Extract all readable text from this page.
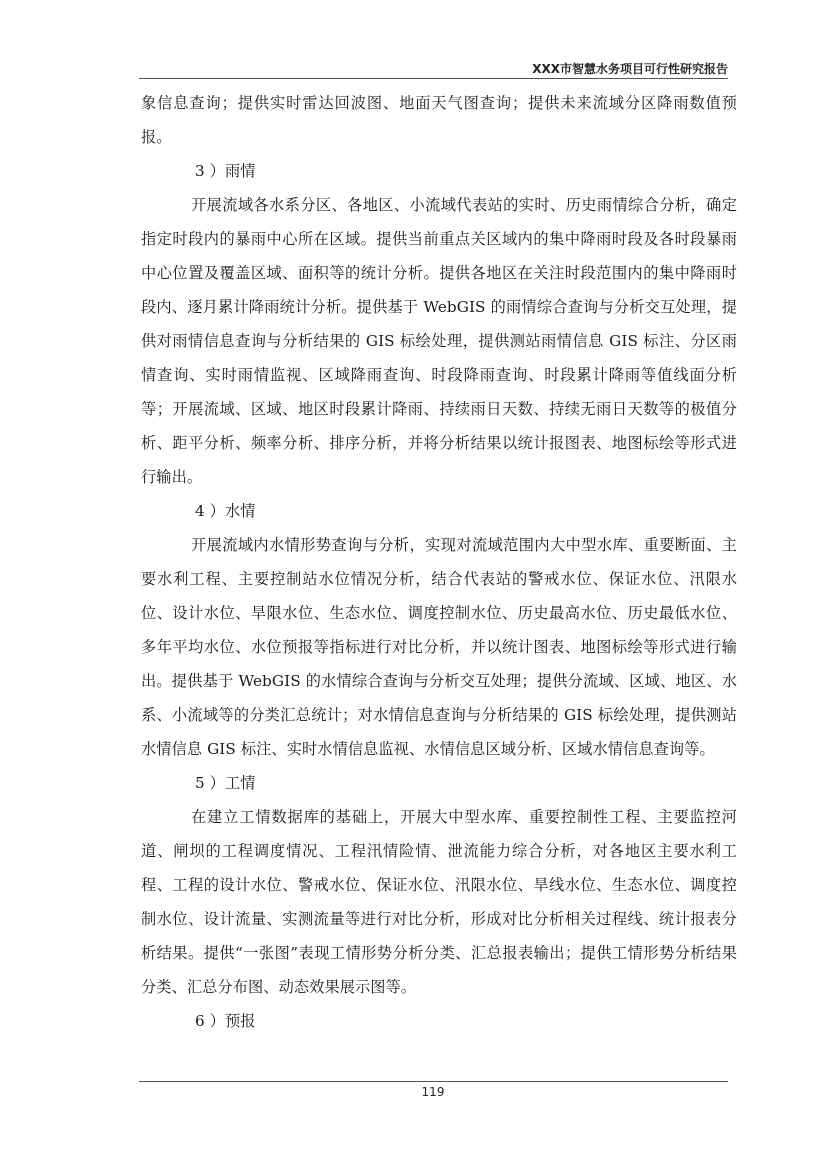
XXX市智慧水务项目可行性研究报告

象信息查询；提供实时雷达回波图、地面天气图查询；提供未来流域分区降雨数值预报。

3 ）雨情

开展流域各水系分区、各地区、小流域代表站的实时、历史雨情综合分析，确定指定时段内的暴雨中心所在区域。提供当前重点关区域内的集中降雨时段及各时段暴雨中心位置及覆盖区域、面积等的统计分析。提供各地区在关注时段范围内的集中降雨时段内、逐月累计降雨统计分析。提供基于 WebGIS 的雨情综合查询与分析交互处理，提供对雨情信息查询与分析结果的 GIS 标绘处理，提供测站雨情信息 GIS 标注、分区雨情查询、实时雨情监视、区域降雨查询、时段降雨查询、时段累计降雨等值线面分析等；开展流域、区域、地区时段累计降雨、持续雨日天数、持续无雨日天数等的极值分析、距平分析、频率分析、排序分析，并将分析结果以统计报图表、地图标绘等形式进行输出。

4 ）水情

开展流域内水情形势查询与分析，实现对流域范围内大中型水库、重要断面、主要水利工程、主要控制站水位情况分析，结合代表站的警戒水位、保证水位、汛限水位、设计水位、旱限水位、生态水位、调度控制水位、历史最高水位、历史最低水位、多年平均水位、水位预报等指标进行对比分析，并以统计图表、地图标绘等形式进行输出。提供基于 WebGIS 的水情综合查询与分析交互处理；提供分流域、区域、地区、水系、小流域等的分类汇总统计；对水情信息查询与分析结果的 GIS 标绘处理，提供测站水情信息 GIS 标注、实时水情信息监视、水情信息区域分析、区域水情信息查询等。

5 ）工情

在建立工情数据库的基础上，开展大中型水库、重要控制性工程、主要监控河道、闸坝的工程调度情况、工程汛情险情、泄流能力综合分析，对各地区主要水利工程、工程的设计水位、警戒水位、保证水位、汛限水位、旱线水位、生态水位、调度控制水位、设计流量、实测流量等进行对比分析，形成对比分析相关过程线、统计报表分析结果。提供“一张图”表现工情形势分析分类、汇总报表输出；提供工情形势分析结果分类、汇总分布图、动态效果展示图等。

6 ）预报

119
